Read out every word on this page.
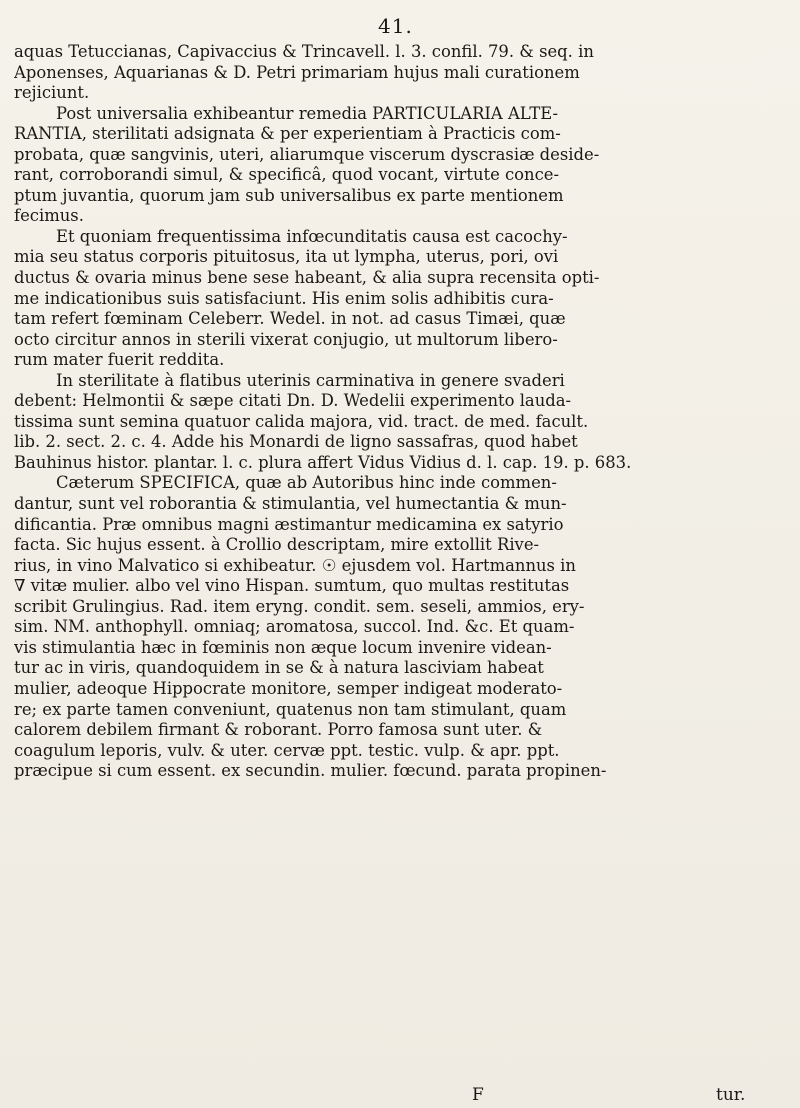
41.
aquas Tetuccianas, Capivaccius & Trincavell. l. 3. confil. 79. & seq. in
Aponenses, Aquarianas & D. Petri primariam hujus mali curationem
rejiciunt.
Post universalia exhibeantur remedia PARTICULARIA ALTE-
RANTIA, sterilitati adsignata & per experientiam à Practicis com-
probata, quæ sangvinis, uteri, aliarumque viscerum dyscrasiæ deside-
rant, corroborandi simul, & specificâ, quod vocant, virtute conce-
ptum juvantia, quorum jam sub universalibus ex parte mentionem
fecimus.
Et quoniam frequentissima infœcunditatis causa est cacochy-
mia seu status corporis pituitosus, ita ut lympha, uterus, pori, ovi
ductus & ovaria minus bene sese habeant, & alia supra recensita opti-
me indicationibus suis satisfaciunt. His enim solis adhibitis cura-
tam refert fœminam Celeberr. Wedel. in not. ad casus Timæi, quæ
octo circitur annos in sterili vixerat conjugio, ut multorum libero-
rum mater fuerit reddita.
In sterilitate à flatibus uterinis carminativa in genere svaderi
debent: Helmontii & sæpe citati Dn. D. Wedelii experimento lauda-
tissima sunt semina quatuor calida majora, vid. tract. de med. facult.
lib. 2. sect. 2. c. 4. Adde his Monardi de ligno sassafras, quod habet
Bauhinus histor. plantar. l. c. plura affert Vidus Vidius d. l. cap. 19. p. 683.
Cæterum SPECIFICA, quæ ab Autoribus hinc inde commen-
dantur, sunt vel roborantia & stimulantia, vel humectantia & mun-
dificantia. Præ omnibus magni æstimantur medicamina ex satyrio
facta. Sic hujus essent. à Crollio descriptam, mire extollit Rive-
rius, in vino Malvatico si exhibeatur. ☉ ejusdem vol. Hartmannus in
∇ vitæ mulier. albo vel vino Hispan. sumtum, quo multas restitutas
scribit Grulingius. Rad. item eryng. condit. sem. seseli, ammios, ery-
sim. NM. anthophyll. omniaq; aromatosa, succol. Ind. &c. Et quam-
vis stimulantia hæc in fœminis non æque locum invenire videan-
tur ac in viris, quandoquidem in se & à natura lasciviam habeat
mulier, adeoque Hippocrate monitore, semper indigeat moderato-
re; ex parte tamen conveniunt, quatenus non tam stimulant, quam
calorem debilem firmant & roborant. Porro famosa sunt uter. &
coagulum leporis, vulv. & uter. cervæ ppt. testic. vulp. & apr. ppt.
præcipue si cum essent. ex secundin. mulier. fœcund. parata propinen-
F	tur.
